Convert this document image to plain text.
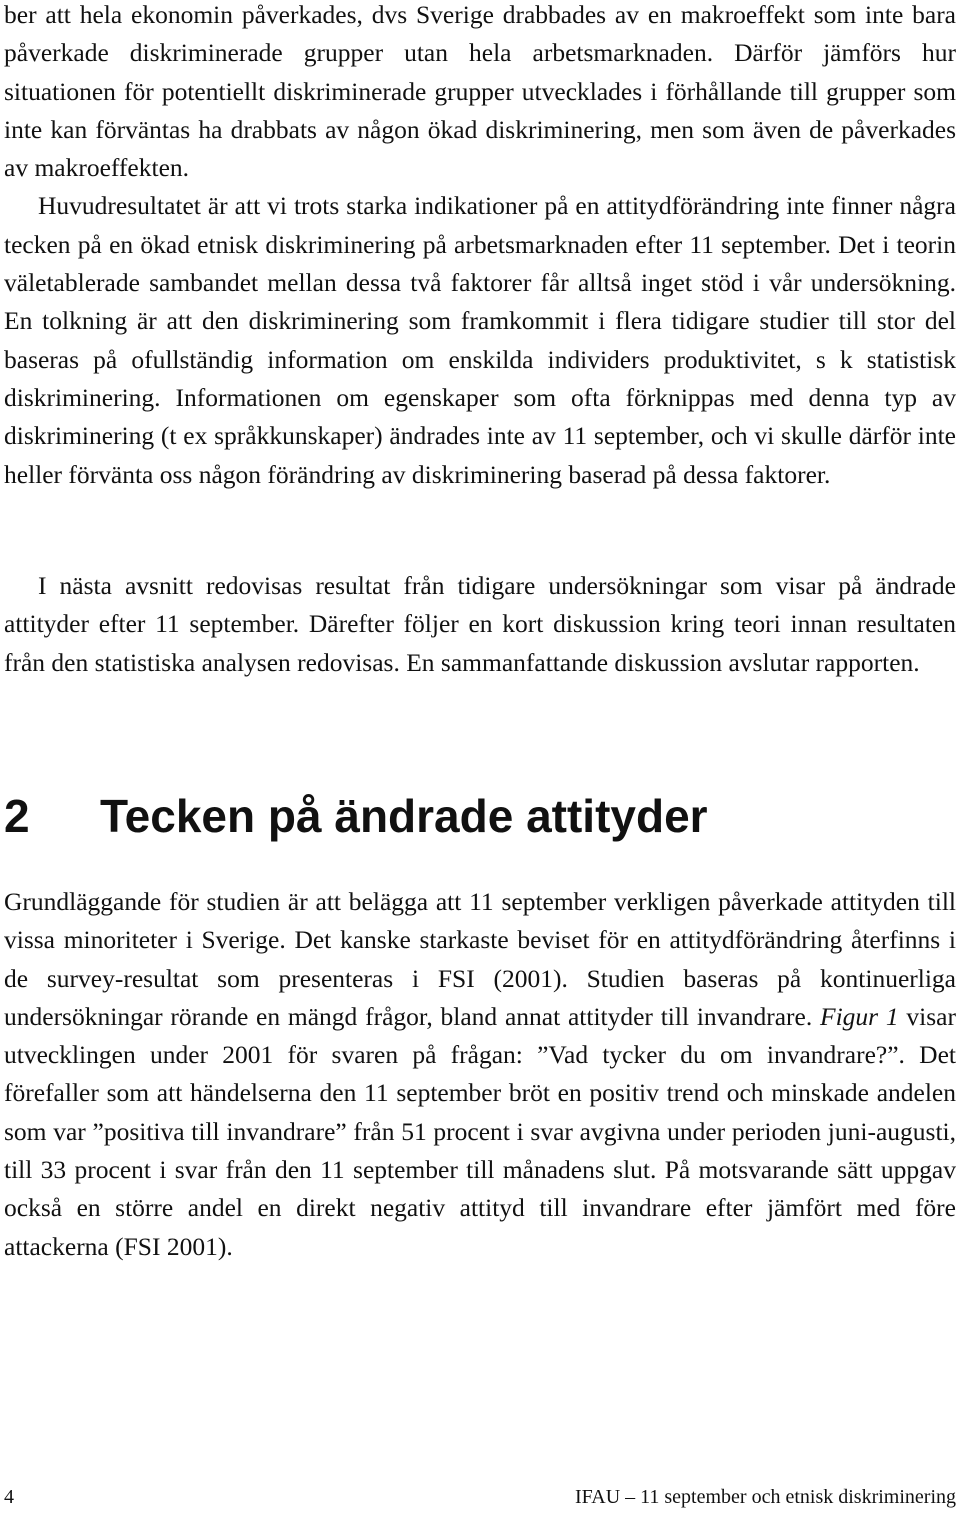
ber att hela ekonomin påverkades, dvs Sverige drabbades av en makroeffekt som inte bara påverkade diskriminerade grupper utan hela arbetsmarknaden. Därför jämförs hur situationen för potentiellt diskriminerade grupper utvecklades i förhållande till grupper som inte kan förväntas ha drabbats av någon ökad diskriminering, men som även de påverkades av makroeffekten.

Huvudresultatet är att vi trots starka indikationer på en attitydförändring inte finner några tecken på en ökad etnisk diskriminering på arbetsmarknaden efter 11 september. Det i teorin väletablerade sambandet mellan dessa två faktorer får alltså inget stöd i vår undersökning. En tolkning är att den diskriminering som framkommit i flera tidigare studier till stor del baseras på ofullständig information om enskilda individers produktivitet, s k statistisk diskriminering. Informationen om egenskaper som ofta förknippas med denna typ av diskriminering (t ex språkkunskaper) ändrades inte av 11 september, och vi skulle därför inte heller förvänta oss någon förändring av diskriminering baserad på dessa faktorer.

I nästa avsnitt redovisas resultat från tidigare undersökningar som visar på ändrade attityder efter 11 september. Därefter följer en kort diskussion kring teori innan resultaten från den statistiska analysen redovisas. En sammanfattande diskussion avslutar rapporten.

2 Tecken på ändrade attityder

Grundläggande för studien är att belägga att 11 september verkligen påverkade attityden till vissa minoriteter i Sverige. Det kanske starkaste beviset för en attitydförändring återfinns i de survey-resultat som presenteras i FSI (2001). Studien baseras på kontinuerliga undersökningar rörande en mängd frågor, bland annat attityder till invandrare. Figur 1 visar utvecklingen under 2001 för svaren på frågan: ”Vad tycker du om invandrare?”. Det förefaller som att händelserna den 11 september bröt en positiv trend och minskade andelen som var ”positiva till invandrare” från 51 procent i svar avgivna under perioden juni-augusti, till 33 procent i svar från den 11 september till månadens slut. På motsvarande sätt uppgav också en större andel en direkt negativ attityd till invandrare efter jämfört med före attackerna (FSI 2001).

4	IFAU – 11 september och etnisk diskriminering
